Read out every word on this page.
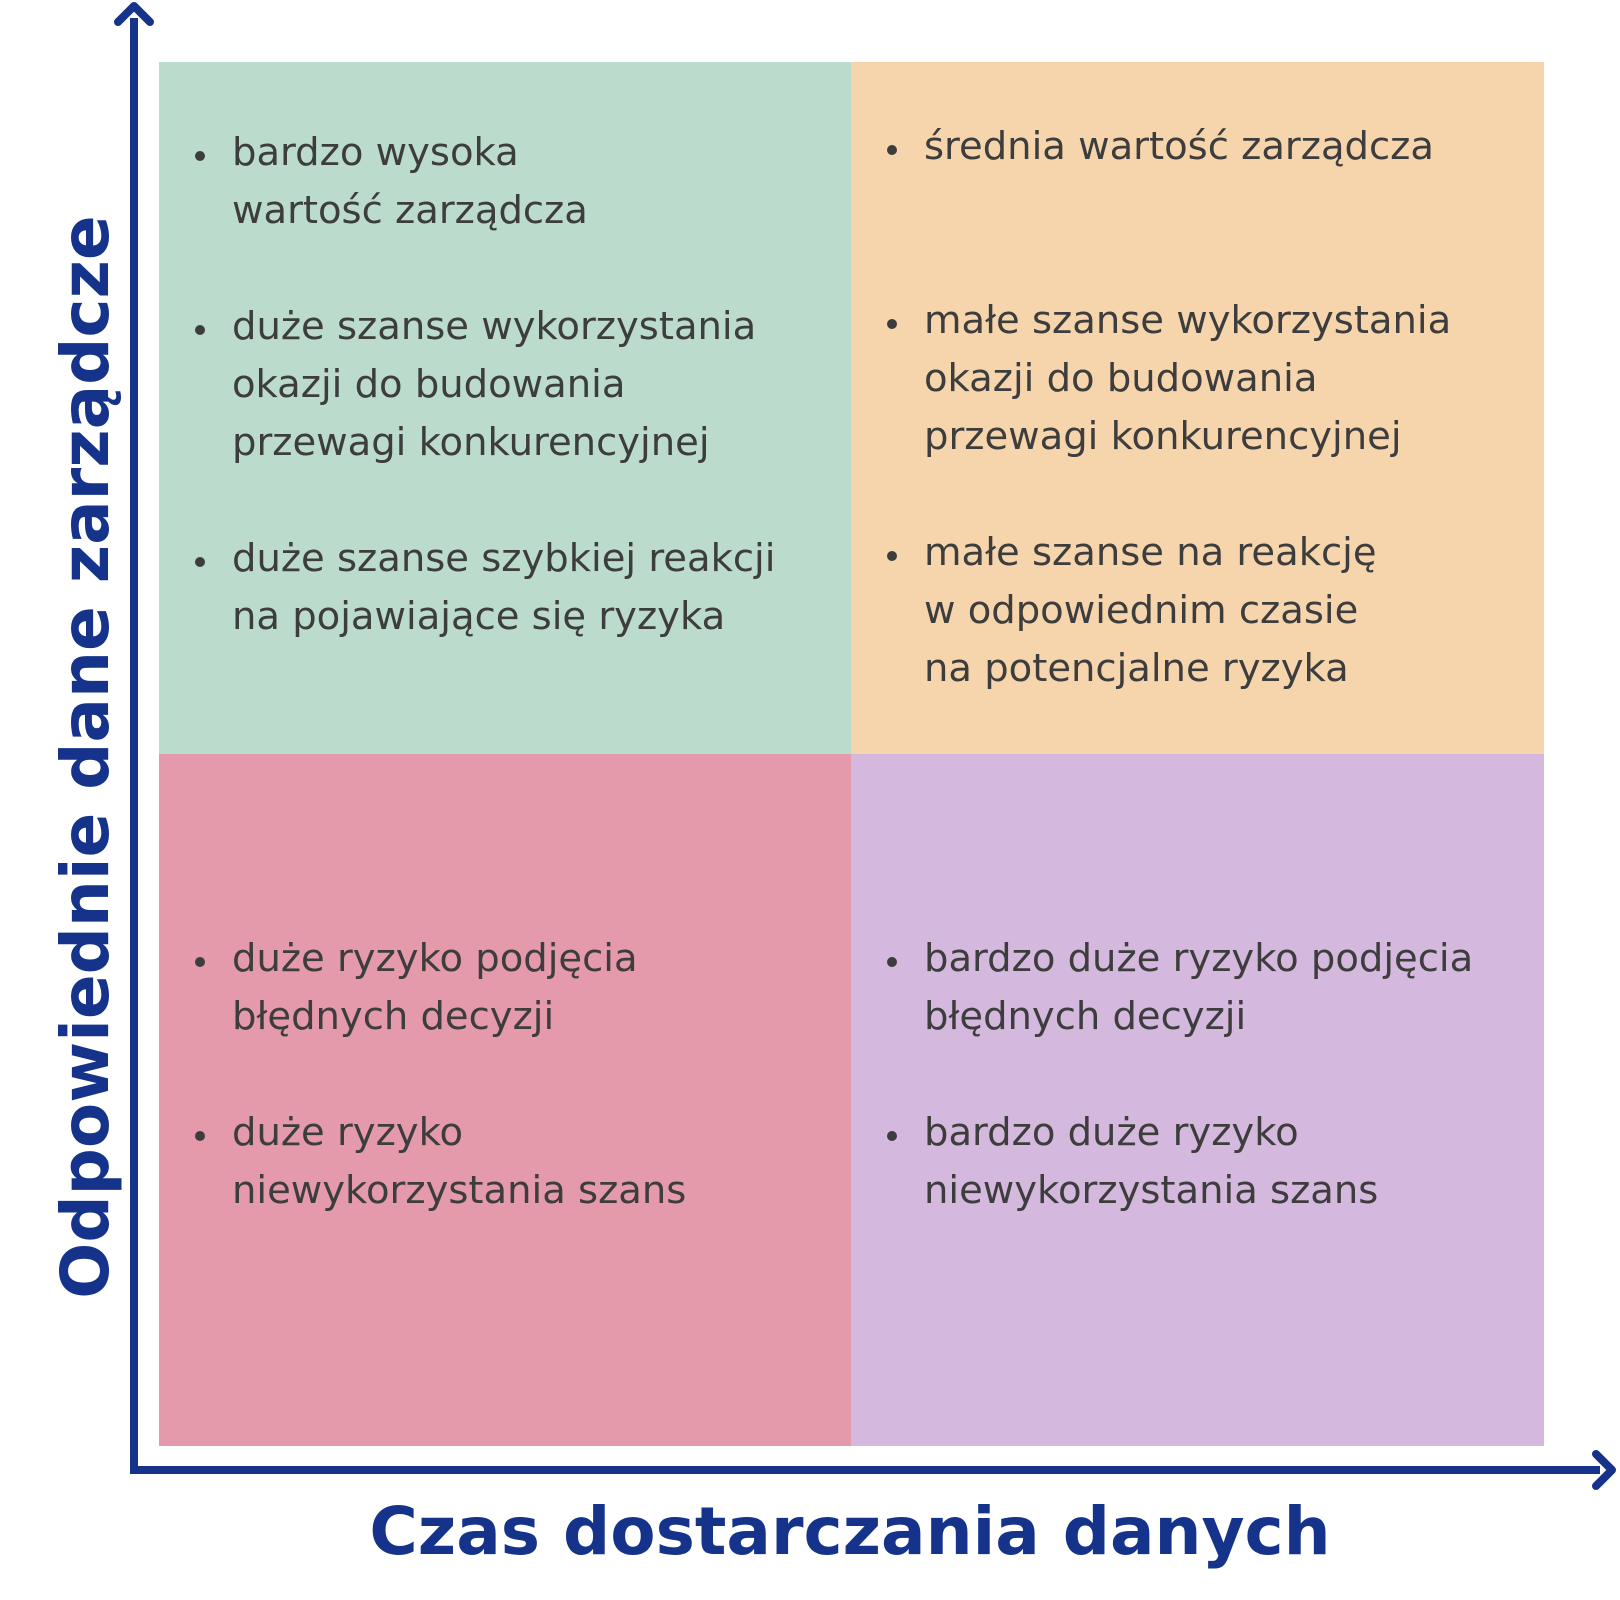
bardzo wysoka
wartość zarządcza
duże szanse wykorzystania
okazji do budowania
przewagi konkurencyjnej
duże szanse szybkiej reakcji
na pojawiające się ryzyka
średnia wartość zarządcza
małe szanse wykorzystania
okazji do budowania
przewagi konkurencyjnej
małe szanse na reakcję
w odpowiednim czasie
na potencjalne ryzyka
duże ryzyko podjęcia
błędnych decyzji
duże ryzyko
niewykorzystania szans
bardzo duże ryzyko podjęcia
błędnych decyzji
bardzo duże ryzyko
niewykorzystania szans
Czas dostarczania danych
Odpowiednie dane zarządcze
